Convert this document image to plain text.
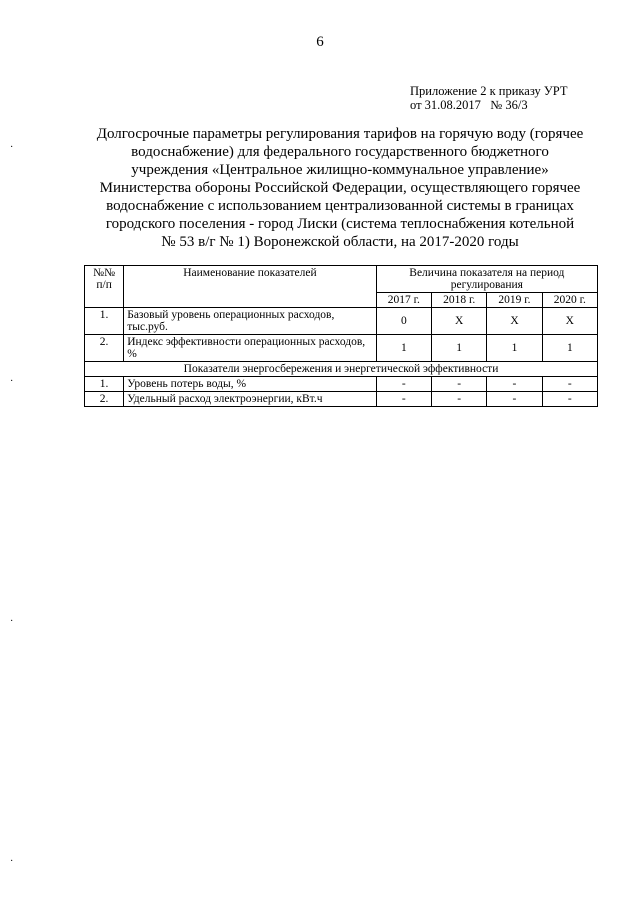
6
Приложение 2 к приказу УРТ
от 31.08.2017   № 36/3
Долгосрочные параметры регулирования тарифов на горячую воду (горячее
водоснабжение) для федерального государственного бюджетного
учреждения «Центральное жилищно-коммунальное управление»
Министерства обороны Российской Федерации, осуществляющего горячее
водоснабжение с использованием централизованной системы в границах
городского поселения - город Лиски (система теплоснабжения котельной
№ 53 в/г № 1) Воронежской области, на 2017-2020 годы
№№ п/п	Наименование показателей	Величина показателя на период регулирования			
		2017 г.	2018 г.	2019 г.	2020 г.
1.	Базовый уровень операционных расходов, тыс.руб.	0	X	X	X
2.	Индекс эффективности операционных расходов, %	1	1	1	1
Показатели энергосбережения и энергетической эффективности					
1.	Уровень потерь воды, %	-	-	-	-
2.	Удельный расход электроэнергии, кВт.ч	-	-	-	-
·
·
·
·
